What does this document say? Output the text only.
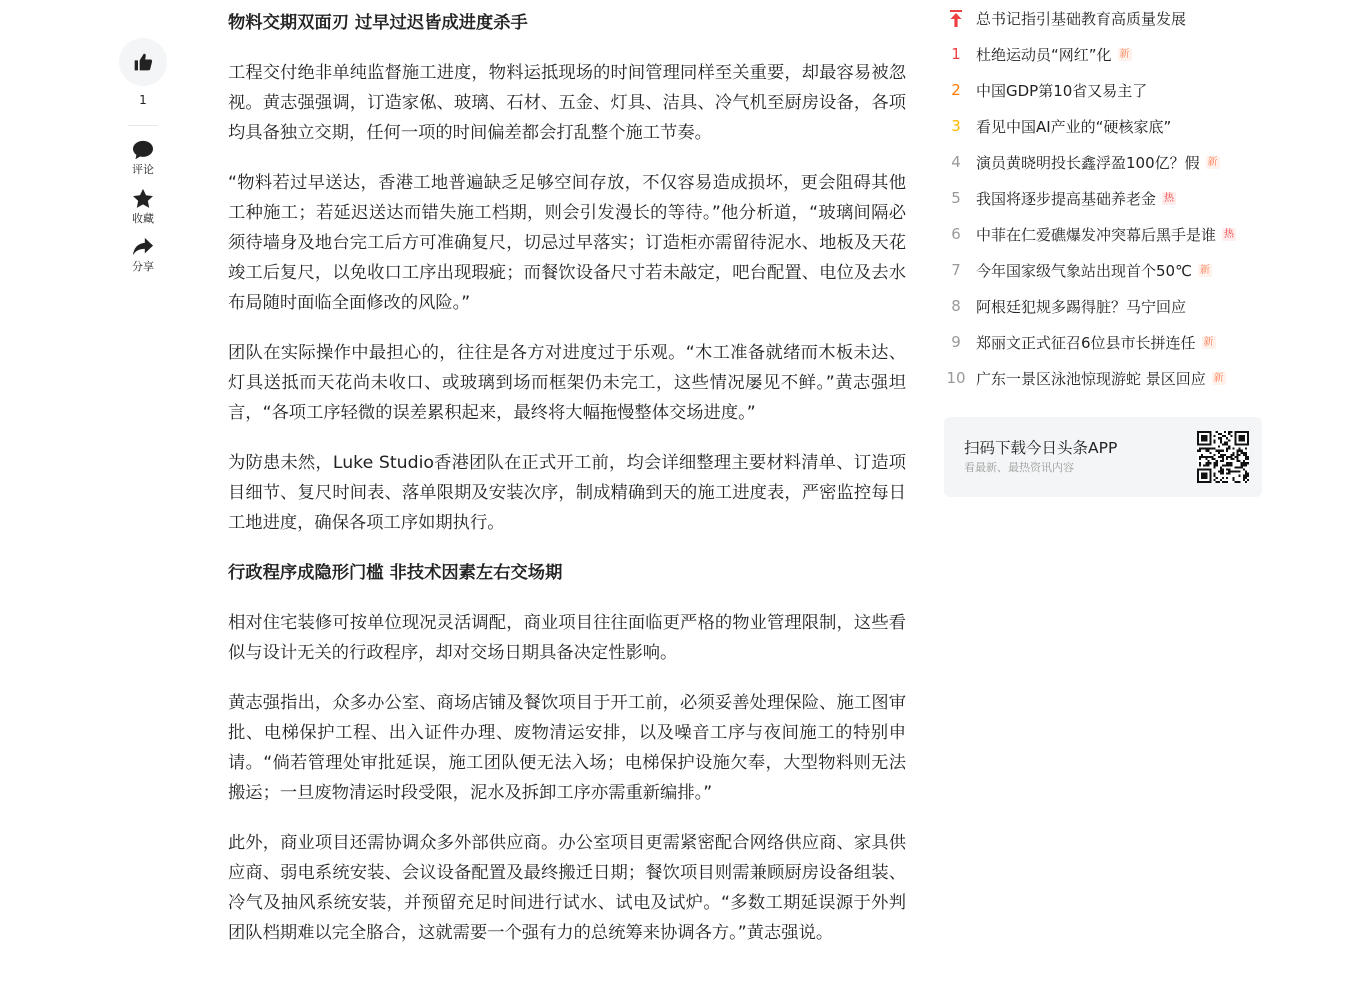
1
评论
收藏
分享
物料交期双面刃 过早过迟皆成进度杀手

工程交付绝非单纯监督施工进度，物料运抵现场的时间管理同样至关重要，却最容易被忽视。黄志强强调，订造家俬、玻璃、石材、五金、灯具、洁具、冷气机至厨房设备，各项均具备独立交期，任何一项的时间偏差都会打乱整个施工节奏。

“物料若过早送达，香港工地普遍缺乏足够空间存放，不仅容易造成损坏，更会阻碍其他工种施工；若延迟送达而错失施工档期，则会引发漫长的等待。”他分析道，“玻璃间隔必须待墙身及地台完工后方可准确复尺，切忌过早落实；订造柜亦需留待泥水、地板及天花竣工后复尺，以免收口工序出现瑕疵；而餐饮设备尺寸若未敲定，吧台配置、电位及去水布局随时面临全面修改的风险。”

团队在实际操作中最担心的，往往是各方对进度过于乐观。“木工准备就绪而木板未达、灯具送抵而天花尚未收口、或玻璃到场而框架仍未完工，这些情况屡见不鲜。”黄志强坦言，“各项工序轻微的误差累积起来，最终将大幅拖慢整体交场进度。”

为防患未然，Luke Studio香港团队在正式开工前，均会详细整理主要材料清单、订造项目细节、复尺时间表、落单限期及安装次序，制成精确到天的施工进度表，严密监控每日工地进度，确保各项工序如期执行。

行政程序成隐形门槛 非技术因素左右交场期

相对住宅装修可按单位现况灵活调配，商业项目往往面临更严格的物业管理限制，这些看似与设计无关的行政程序，却对交场日期具备决定性影响。

黄志强指出，众多办公室、商场店铺及餐饮项目于开工前，必须妥善处理保险、施工图审批、电梯保护工程、出入证件办理、废物清运安排，以及噪音工序与夜间施工的特别申请。“倘若管理处审批延误，施工团队便无法入场；电梯保护设施欠奉，大型物料则无法搬运；一旦废物清运时段受限，泥水及拆卸工序亦需重新编排。”

此外，商业项目还需协调众多外部供应商。办公室项目更需紧密配合网络供应商、家具供应商、弱电系统安装、会议设备配置及最终搬迁日期；餐饮项目则需兼顾厨房设备组装、冷气及抽风系统安装，并预留充足时间进行试水、试电及试炉。“多数工期延误源于外判团队档期难以完全胳合，这就需要一个强有力的总统筹来协调各方。”黄志强说。

总书记指引基础教育高质量发展
1	杜绝运动员“网红”化 新
2	中国GDP第10省又易主了
3	看见中国AI产业的“硬核家底”
4	演员黄晓明投长鑫浮盈100亿？假 新
5	我国将逐步提高基础养老金 热
6	中菲在仁爱礁爆发冲突幕后黑手是谁 热
7	今年国家级气象站出现首个50℃ 新
8	阿根廷犯规多踢得脏？马宁回应
9	郑丽文正式征召6位县市长拼连任 新
10 广东一景区泳池惊现游蛇 景区回应 新
扫码下载今日头条APP
看最新、最热资讯内容
